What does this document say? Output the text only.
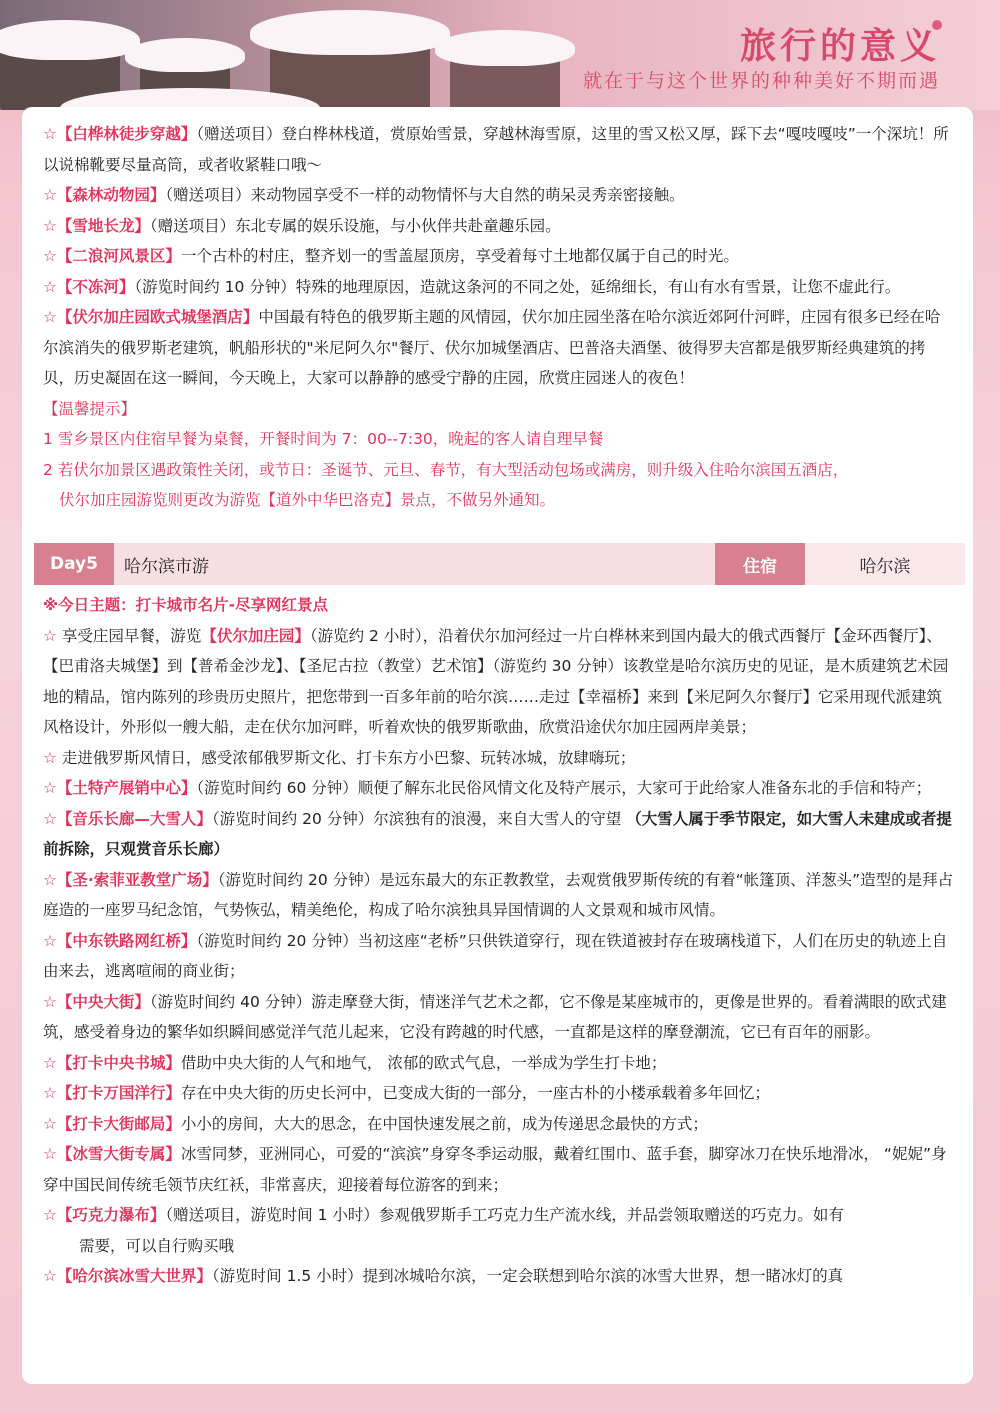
旅行的意义
就在于与这个世界的种种美好不期而遇

☆【白桦林徒步穿越】（赠送项目）登白桦林栈道，赏原始雪景，穿越林海雪原，这里的雪又松又厚，踩下去“嘎吱嘎吱”一个深坑！所以说棉靴要尽量高筒，或者收紧鞋口哦～

☆【森林动物园】（赠送项目）来动物园享受不一样的动物情怀与大自然的萌呆灵秀亲密接触。

☆【雪地长龙】（赠送项目）东北专属的娱乐设施，与小伙伴共赴童趣乐园。

☆【二浪河风景区】一个古朴的村庄，整齐划一的雪盖屋顶房，享受着每寸土地都仅属于自己的时光。

☆【不冻河】（游览时间约 10 分钟）特殊的地理原因，造就这条河的不同之处，延绵细长，有山有水有雪景，让您不虚此行。

☆【伏尔加庄园欧式城堡酒店】中国最有特色的俄罗斯主题的风情园，伏尔加庄园坐落在哈尔滨近郊阿什河畔，庄园有很多已经在哈尔滨消失的俄罗斯老建筑，帆船形状的"米尼阿久尔"餐厅、伏尔加城堡酒店、巴普洛夫酒堡、彼得罗夫宫都是俄罗斯经典建筑的拷贝，历史凝固在这一瞬间，今天晚上，大家可以静静的感受宁静的庄园，欣赏庄园迷人的夜色！

【温馨提示】

1 雪乡景区内住宿早餐为桌餐，开餐时间为 7：00--7:30，晚起的客人请自理早餐

2 若伏尔加景区遇政策性关闭，或节日：圣诞节、元旦、春节，有大型活动包场或满房，则升级入住哈尔滨国五酒店，

伏尔加庄园游览则更改为游览【道外中华巴洛克】景点，不做另外通知。

Day5	哈尔滨市游	住宿	哈尔滨

※今日主题：打卡城市名片-尽享网红景点

☆ 享受庄园早餐，游览【伏尔加庄园】（游览约 2 小时），沿着伏尔加河经过一片白桦林来到国内最大的俄式西餐厅【金环西餐厅】、【巴甫洛夫城堡】到【普希金沙龙】、【圣尼古拉（教堂）艺术馆】（游览约 30 分钟）该教堂是哈尔滨历史的见证，是木质建筑艺术园地的精品，馆内陈列的珍贵历史照片，把您带到一百多年前的哈尔滨……走过【幸福桥】来到【米尼阿久尔餐厅】它采用现代派建筑风格设计，外形似一艘大船，走在伏尔加河畔，听着欢快的俄罗斯歌曲，欣赏沿途伏尔加庄园两岸美景；

☆ 走进俄罗斯风情日，感受浓郁俄罗斯文化、打卡东方小巴黎、玩转冰城，放肆嗨玩；

☆【土特产展销中心】（游览时间约 60 分钟）顺便了解东北民俗风情文化及特产展示，大家可于此给家人准备东北的手信和特产；

☆【音乐长廊—大雪人】（游览时间约 20 分钟）尔滨独有的浪漫，来自大雪人的守望 （大雪人属于季节限定，如大雪人未建成或者提前拆除，只观赏音乐长廊）

☆【圣·索菲亚教堂广场】（游览时间约 20 分钟）是远东最大的东正教教堂，去观赏俄罗斯传统的有着“帐篷顶、洋葱头”造型的是拜占庭造的一座罗马纪念馆，气势恢弘，精美绝伦，构成了哈尔滨独具异国情调的人文景观和城市风情。

☆【中东铁路网红桥】（游览时间约 20 分钟）当初这座“老桥”只供铁道穿行，现在铁道被封存在玻璃栈道下，人们在历史的轨迹上自由来去，逃离喧闹的商业街；

☆【中央大街】（游览时间约 40 分钟）游走摩登大街，情迷洋气艺术之都，它不像是某座城市的，更像是世界的。看着满眼的欧式建筑，感受着身边的繁华如织瞬间感觉洋气范儿起来，它没有跨越的时代感，一直都是这样的摩登潮流，它已有百年的丽影。

☆【打卡中央书城】借助中央大街的人气和地气， 浓郁的欧式气息，一举成为学生打卡地；

☆【打卡万国洋行】存在中央大街的历史长河中，已变成大街的一部分，一座古朴的小楼承载着多年回忆；

☆【打卡大街邮局】小小的房间，大大的思念，在中国快速发展之前，成为传递思念最快的方式；

☆【冰雪大街专属】冰雪同梦，亚洲同心，可爱的“滨滨”身穿冬季运动服，戴着红围巾、蓝手套，脚穿冰刀在快乐地滑冰， “妮妮”身穿中国民间传统毛领节庆红袄，非常喜庆，迎接着每位游客的到来；

☆【巧克力瀑布】（赠送项目，游览时间 1 小时）参观俄罗斯手工巧克力生产流水线，并品尝领取赠送的巧克力。如有

需要，可以自行购买哦

☆【哈尔滨冰雪大世界】（游览时间 1.5 小时）提到冰城哈尔滨，一定会联想到哈尔滨的冰雪大世界，想一睹冰灯的真
